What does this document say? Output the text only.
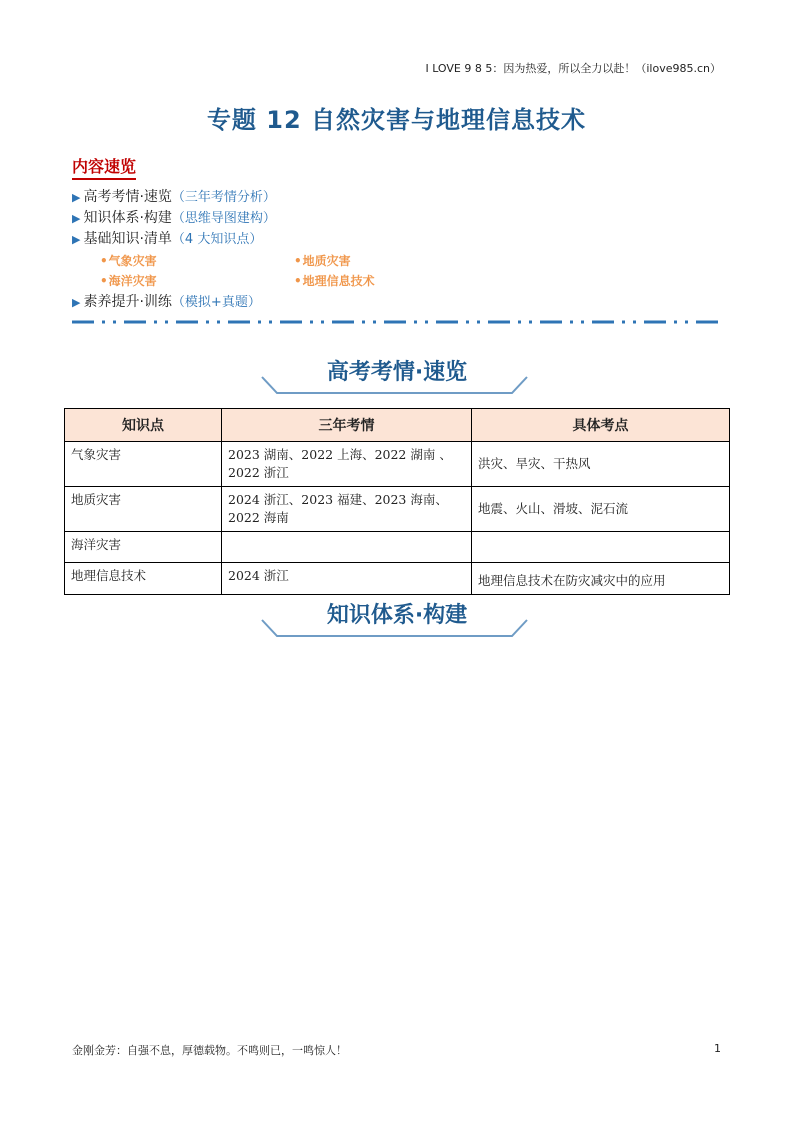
I LOVE 9 8 5：因为热爱，所以全力以赴！（ilove985.cn）
专题 12 自然灾害与地理信息技术
内容速览
▶ 高考考情·速览（三年考情分析）
▶ 知识体系·构建（思维导图建构）
▶ 基础知识·清单（4 大知识点）
•气象灾害	•地质灾害
•海洋灾害	•地理信息技术
▶ 素养提升·训练（模拟+真题）
高考考情·速览
知识点	三年考情	具体考点
气象灾害	2023 湖南、2022 上海、2022 湖南 、2022 浙江	洪灾、旱灾、干热风
地质灾害	2024 浙江、2023 福建、2023 海南、2022 海南	地震、火山、滑坡、泥石流
海洋灾害		
地理信息技术	2024 浙江	地理信息技术在防灾减灾中的应用
知识体系·构建
金刚金芳：自强不息，厚德载物。不鸣则已，一鸣惊人！	1
